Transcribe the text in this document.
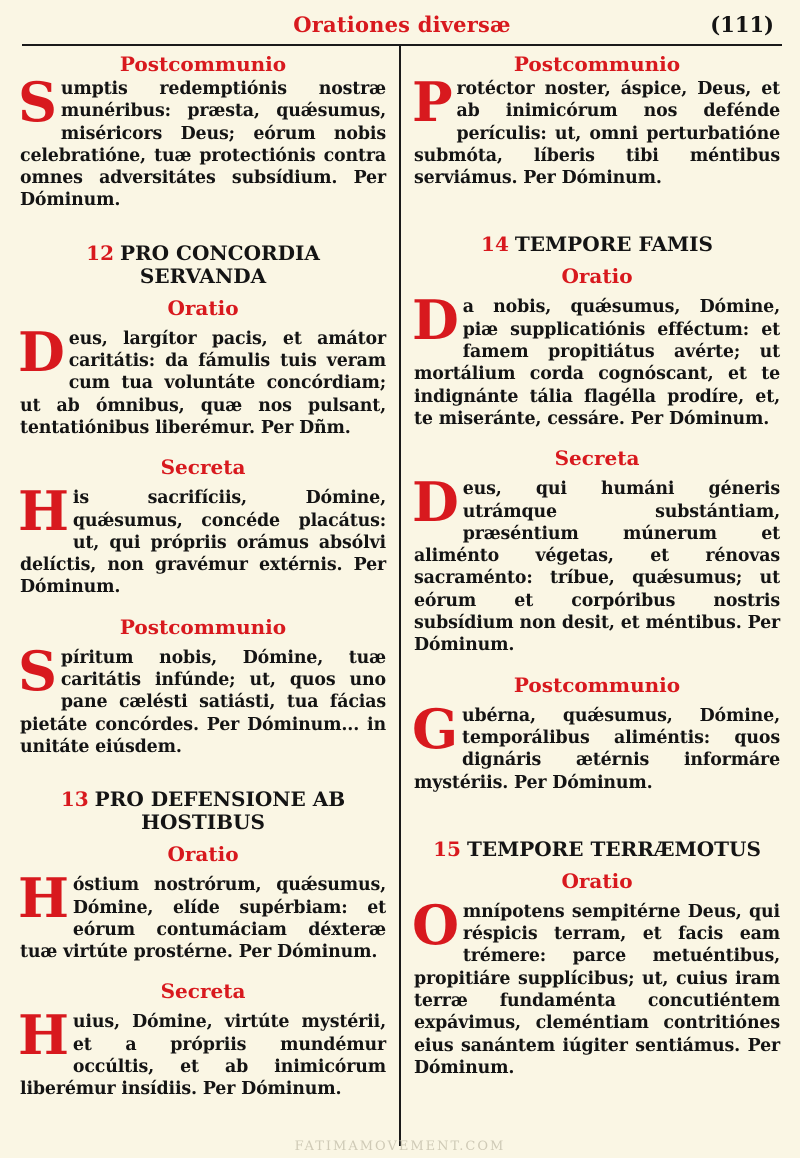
Orationes diversæ	(111)

Postcommunio

Sumptis redemptiónis nostræ munéribus: præsta, quǽsumus, miséricors Deus; eórum nobis celebratióne, tuæ protectiónis contra omnes adversitátes subsídium. Per Dóminum.

12 PRO CONCORDIA
SERVANDA

Oratio

Deus, largítor pacis, et amátor caritátis: da fámulis tuis veram cum tua voluntáte concórdiam; ut ab ómnibus, quæ nos pulsant, tentatiónibus liberémur. Per Dñm.

Secreta

His sacrifíciis, Dómine, quǽsumus, concéde placátus: ut, qui própriis orámus absólvi delíctis, non gravémur extérnis. Per Dóminum.

Postcommunio

Spíritum nobis, Dómine, tuæ caritátis infúnde; ut, quos uno pane cælésti satiásti, tua fácias pietáte concórdes. Per Dóminum... in unitáte eiúsdem.

13 PRO DEFENSIONE AB
HOSTIBUS

Oratio

Hóstium nostrórum, quǽsumus, Dómine, elíde supérbiam: et eórum contumáciam déxteræ tuæ virtúte prostérne. Per Dóminum.

Secreta

Huius, Dómine, virtúte mystérii, et a própriis mundémur occúltis, et ab inimicórum liberémur insídiis. Per Dóminum.

Postcommunio

Protéctor noster, áspice, Deus, et ab inimicórum nos defénde perículis: ut, omni perturbatióne submóta, líberis tibi méntibus serviámus. Per Dóminum.

14 TEMPORE FAMIS

Oratio

Da nobis, quǽsumus, Dómine, piæ supplicatiónis efféctum: et famem propitiátus avérte; ut mortálium corda cognóscant, et te indignánte tália flagélla prodíre, et, te miseránte, cessáre. Per Dóminum.

Secreta

Deus, qui humáni géneris utrámque substántiam, præséntium múnerum et aliménto végetas, et rénovas sacraménto: tríbue, quǽsumus; ut eórum et corpóribus nostris subsídium non desit, et méntibus. Per Dóminum.

Postcommunio

Gubérna, quǽsumus, Dómine, temporálibus aliméntis: quos dignáris ætérnis informáre mystériis. Per Dóminum.

15 TEMPORE TERRÆMOTUS

Oratio

Omnípotens sempitérne Deus, qui réspicis terram, et facis eam trémere: parce metuéntibus, propitiáre supplícibus; ut, cuius iram terræ fundaménta concutiéntem expávimus, cleméntiam contritiónes eius sanántem iúgiter sentiámus. Per Dóminum.

FATIMAMOVEMENT.COM
